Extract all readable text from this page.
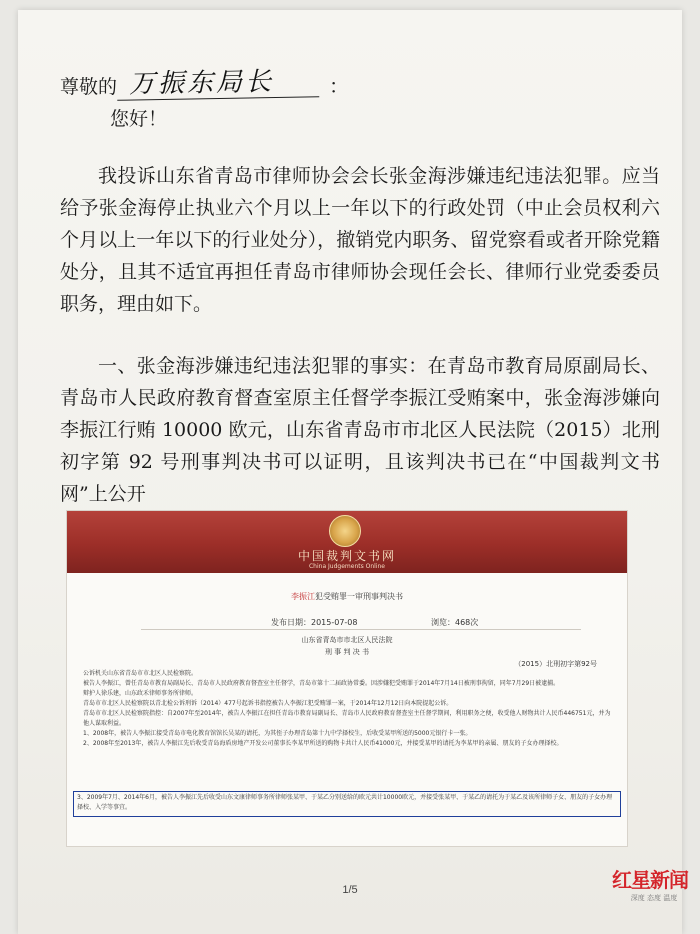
尊敬的 万振东局长	：
您好！

我投诉山东省青岛市律师协会会长张金海涉嫌违纪违法犯罪。应当给予张金海停止执业六个月以上一年以下的行政处罚（中止会员权利六个月以上一年以下的行业处分），撤销党内职务、留党察看或者开除党籍处分，且其不适宜再担任青岛市律师协会现任会长、律师行业党委委员职务，理由如下。

一、张金海涉嫌违纪违法犯罪的事实：在青岛市教育局原副局长、青岛市人民政府教育督查室原主任督学李振江受贿案中，张金海涉嫌向李振江行贿 10000 欧元，山东省青岛市市北区人民法院（2015）北刑初字第 92 号刑事判决书可以证明，且该判决书已在“中国裁判文书网”上公开

中国裁判文书网
China Judgements Online
李振江犯受贿罪一审刑事判决书
发布日期：2015-07-08	浏览：468次
山东省青岛市市北区人民法院
刑 事 判 决 书
（2015）北刑初字第92号

公诉机关山东省青岛市市北区人民检察院。

被告人李振江，曾任青岛市教育局副局长、青岛市人民政府教育督查室主任督学，青岛市第十二届政协常委。因涉嫌犯受贿罪于2014年7月14日被刑事拘留，同年7月29日被逮捕。

辩护人徐乐建，山东政禾律师事务所律师。

青岛市市北区人民检察院以青北检公诉刑诉（2014）477号起诉书指控被告人李振江犯受贿罪一案，于2014年12月12日向本院提起公诉。

青岛市市北区人民检察院指控：自2007年至2014年，被告人李振江在担任青岛市教育局副局长、青岛市人民政府教育督查室主任督学期间，利用职务之便，收受他人财物共计人民币446751元，并为他人谋取利益。

1、2008年，被告人李振江接受青岛市电化教育馆馆长吴某的请托，为其侄子办理青岛第十九中学择校生，后收受某甲所送的5000元银行卡一张。

2、2008年至2013年，被告人李振江先后收受青岛海盾房地产开发公司董事长李某甲所送的购物卡共计人民币41000元，并接受某甲的请托为李某甲的亲属、朋友的子女办理择校。

3、2009年7月、2014年6月，被告人李振江先后收受山东文康律师事务所律师张某甲、于某乙分别送给的欧元共计10000欧元，并接受张某甲、于某乙的请托为于某乙及该所律师子女、朋友的子女办理择校、入学等事宜。
1/5	红星新闻
深度 态度 温度
